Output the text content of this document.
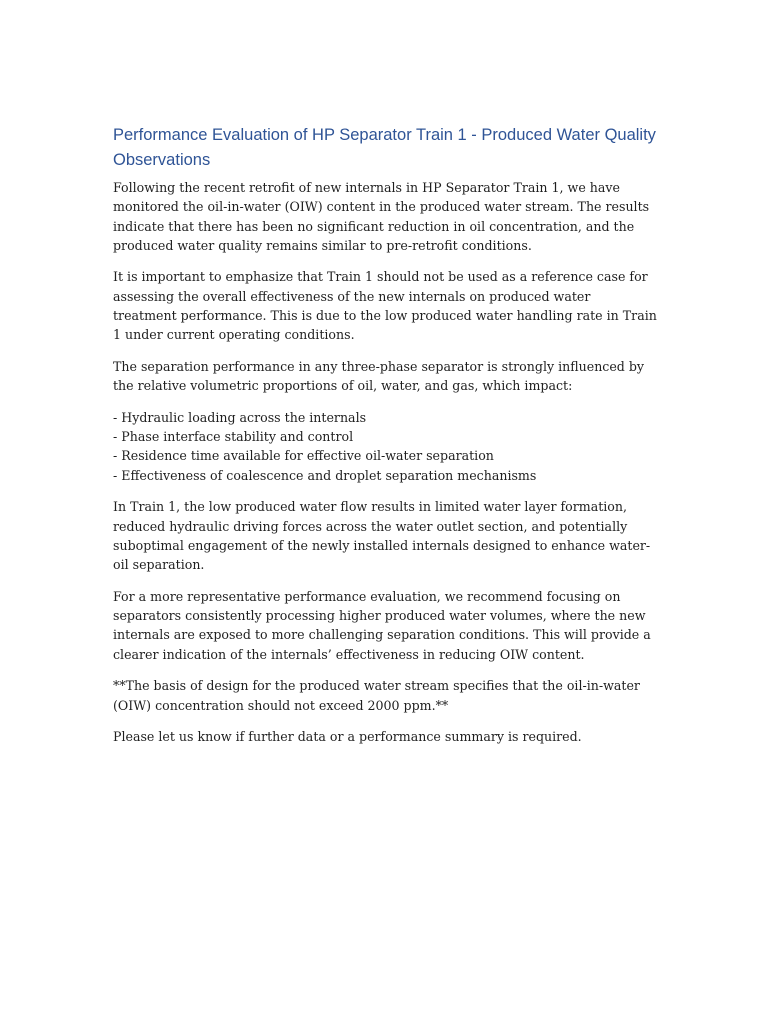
Performance Evaluation of HP Separator Train 1 - Produced Water Quality Observations

Following the recent retrofit of new internals in HP Separator Train 1, we have monitored the oil-in-water (OIW) content in the produced water stream. The results indicate that there has been no significant reduction in oil concentration, and the produced water quality remains similar to pre-retrofit conditions.

It is important to emphasize that Train 1 should not be used as a reference case for assessing the overall effectiveness of the new internals on produced water treatment performance. This is due to the low produced water handling rate in Train 1 under current operating conditions.

The separation performance in any three-phase separator is strongly influenced by the relative volumetric proportions of oil, water, and gas, which impact:

- Hydraulic loading across the internals
- Phase interface stability and control
- Residence time available for effective oil-water separation
- Effectiveness of coalescence and droplet separation mechanisms

In Train 1, the low produced water flow results in limited water layer formation, reduced hydraulic driving forces across the water outlet section, and potentially suboptimal engagement of the newly installed internals designed to enhance water-oil separation.

For a more representative performance evaluation, we recommend focusing on separators consistently processing higher produced water volumes, where the new internals are exposed to more challenging separation conditions. This will provide a clearer indication of the internals’ effectiveness in reducing OIW content.

**The basis of design for the produced water stream specifies that the oil-in-water (OIW) concentration should not exceed 2000 ppm.**

Please let us know if further data or a performance summary is required.
